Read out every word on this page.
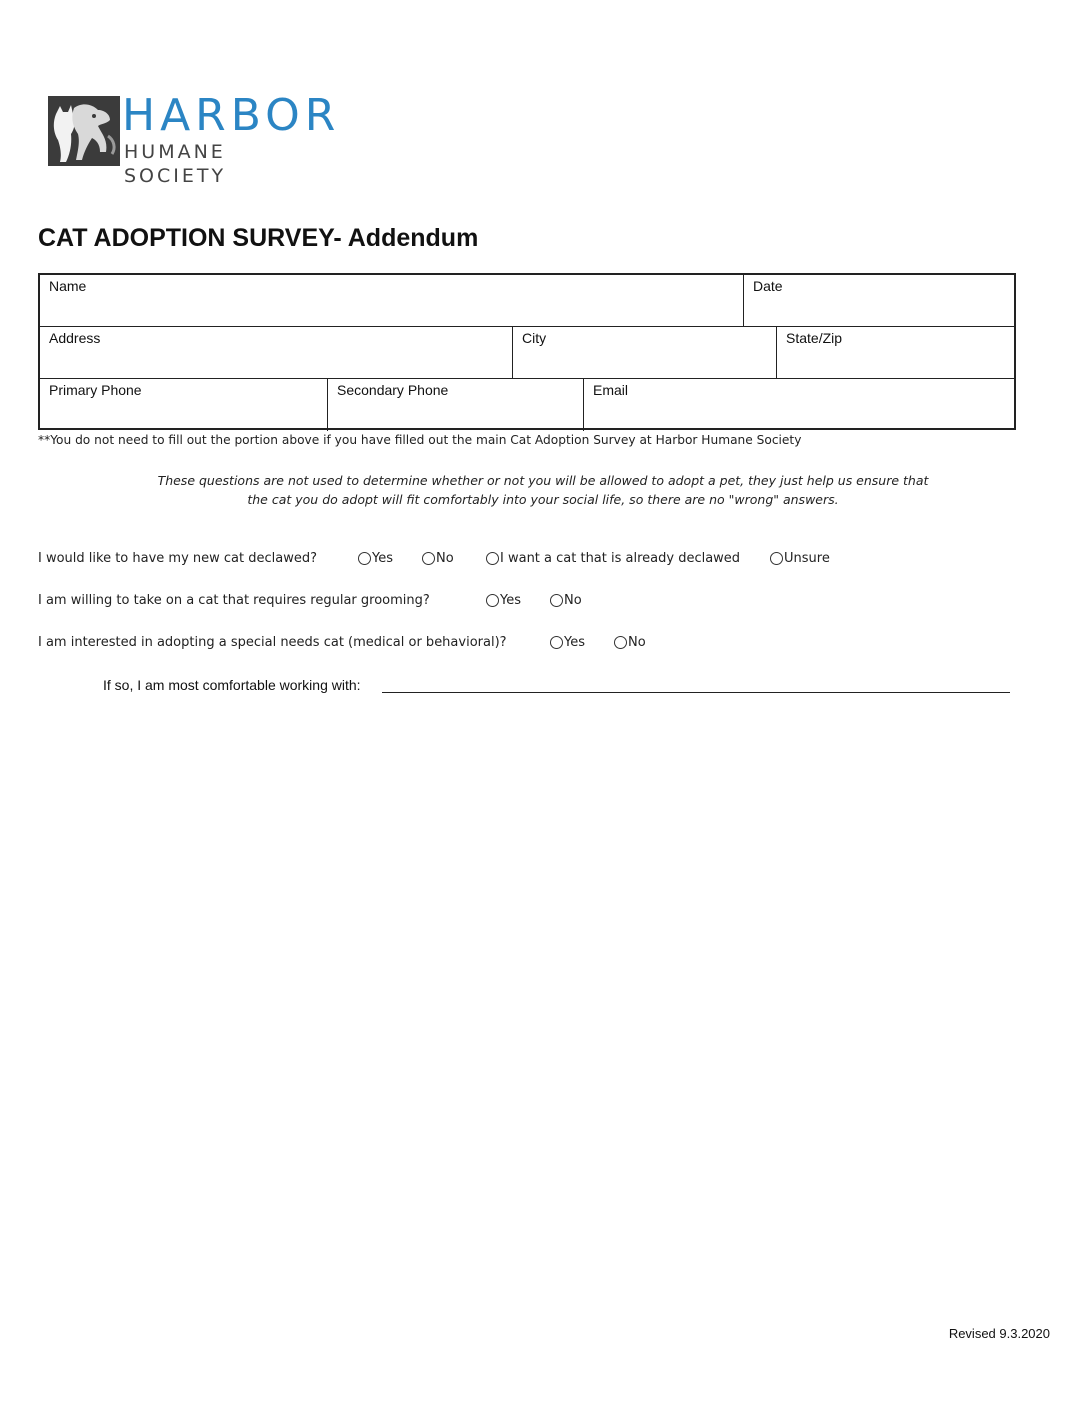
HARBOR
HUMANE SOCIETY
CAT ADOPTION SURVEY- Addendum
Name	Date
Address	City	State/Zip
Primary Phone	Secondary Phone	Email
**You do not need to fill out the portion above if you have filled out the main Cat Adoption Survey at Harbor Humane Society
These questions are not used to determine whether or not you will be allowed to adopt a pet, they just help us ensure that
the cat you do adopt will fit comfortably into your social life, so there are no "wrong" answers.
I would like to have my new cat declawed?	Yes	No	I want a cat that is already declawed	Unsure
I am willing to take on a cat that requires regular grooming?	Yes	No
I am interested in adopting a special needs cat (medical or behavioral)?	Yes	No
If so, I am most comfortable working with:
Revised 9.3.2020
